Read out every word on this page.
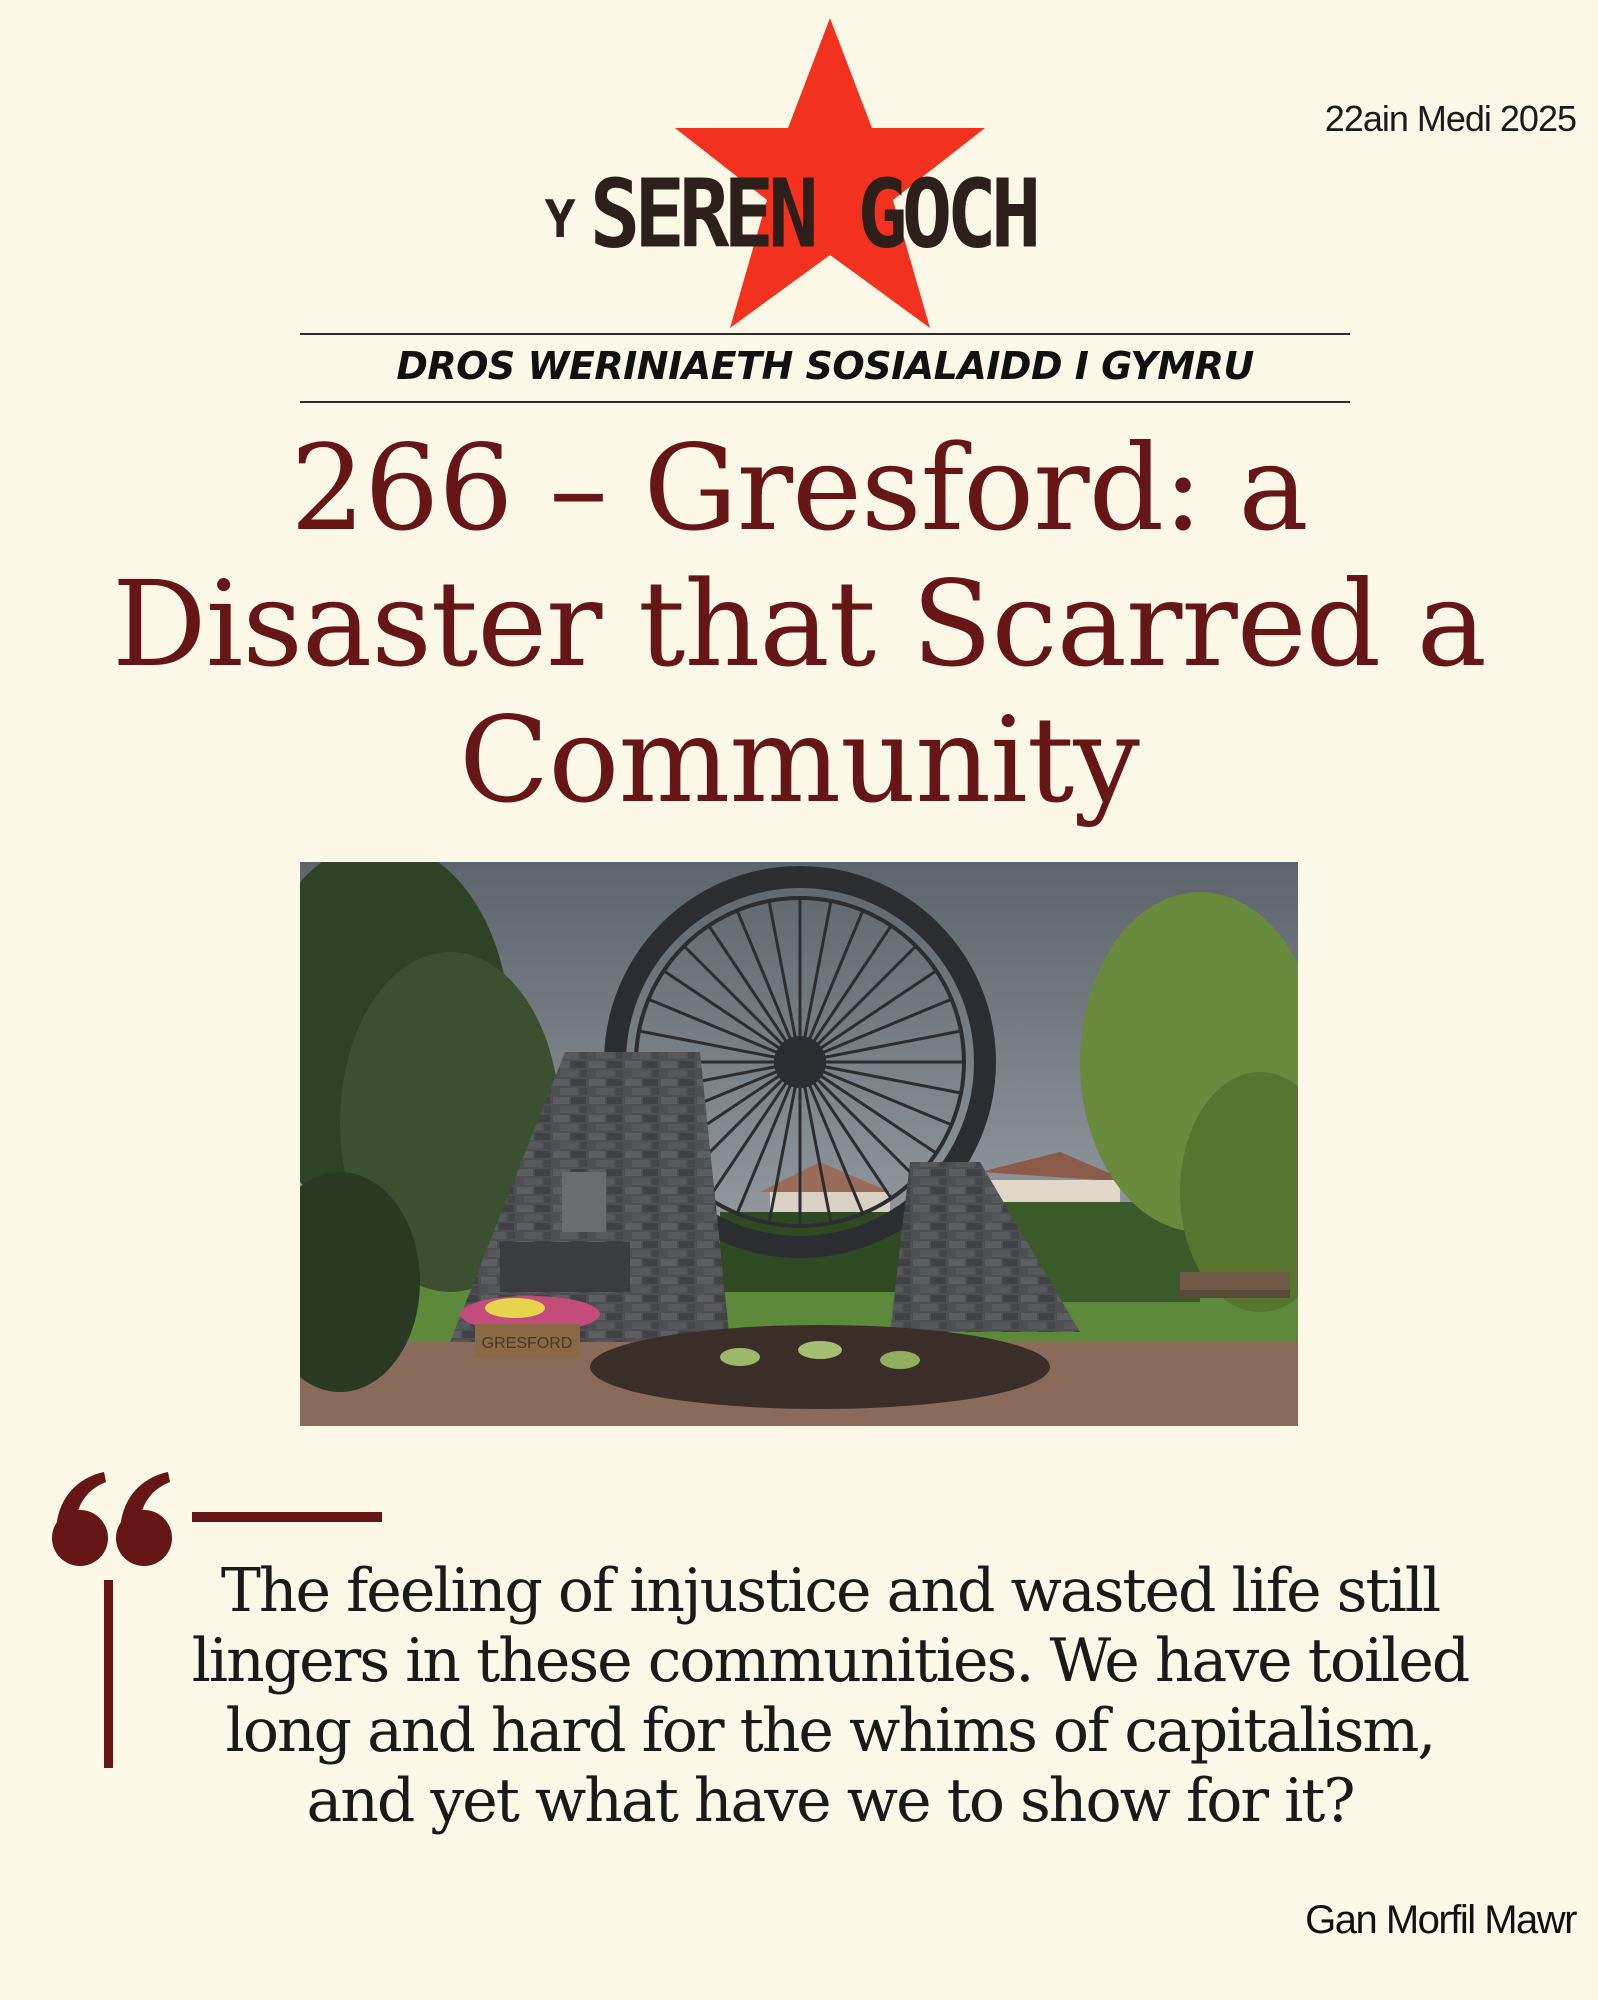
22ain Medi 2025
Y SEREN GOCH
DROS WERINIAETH SOSIALAIDD I GYMRU
266 – Gresford: a
Disaster that Scarred a
Community
GRESFORD
The feeling of injustice and wasted life still
lingers in these communities. We have toiled
long and hard for the whims of capitalism,
and yet what have we to show for it?
Gan Morfil Mawr
